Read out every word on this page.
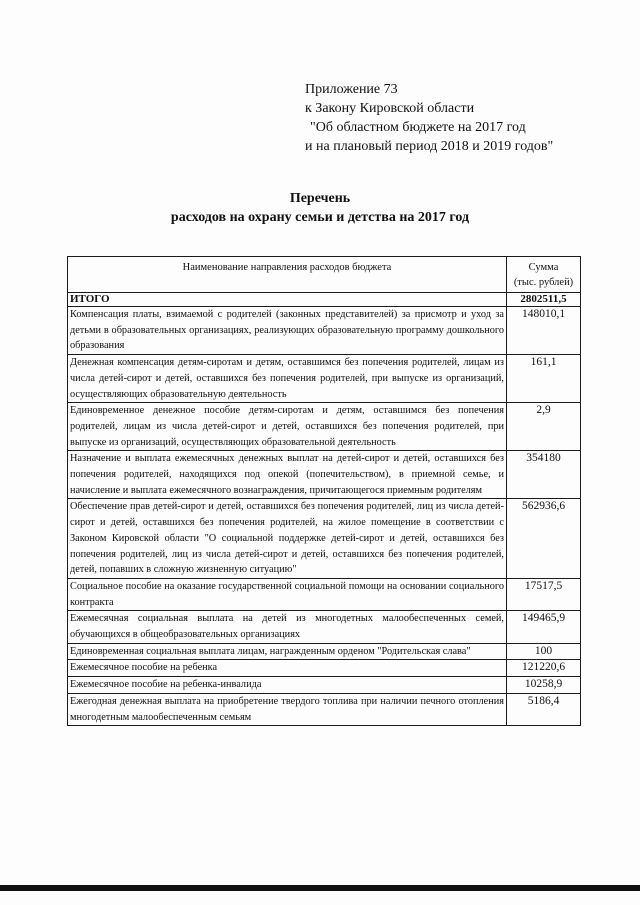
Приложение 73
к Закону Кировской области
"Об областном бюджете на 2017 год
и на плановый период 2018 и 2019 годов"
Перечень
расходов на охрану семьи и детства на 2017 год
Наименование направления расходов бюджета	Сумма
(тыс. рублей)

ИТОГО	2802511,5
Компенсация платы, взимаемой с родителей (законных представителей) за присмотр и уход за детьми в образовательных организациях, реализующих образовательную программу дошкольного образования	148010,1
Денежная компенсация детям-сиротам и детям, оставшимся без попечения родителей, лицам из числа детей-сирот и детей, оставшихся без попечения родителей, при выпуске из организаций, осуществляющих образовательную деятельность	161,1
Единовременное денежное пособие детям-сиротам и детям, оставшимся без попечения родителей, лицам из числа детей-сирот и детей, оставшихся без попечения родителей, при выпуске из организаций, осуществляющих образовательной деятельность	2,9
Назначение и выплата ежемесячных денежных выплат на детей-сирот и детей, оставшихся без попечения родителей, находящихся под опекой (попечительством), в приемной семье, и начисление и выплата ежемесячного вознаграждения, причитающегося приемным родителям	354180
Обеспечение прав детей-сирот и детей, оставшихся без попечения родителей, лиц из числа детей-сирот и детей, оставшихся без попечения родителей, на жилое помещение в соответствии с Законом Кировской области "О социальной поддержке детей-сирот и детей, оставшихся без попечения родителей, лиц из числа детей-сирот и детей, оставшихся без попечения родителей, детей, попавших в сложную жизненную ситуацию"	562936,6
Социальное пособие на оказание государственной социальной помощи на основании социального контракта	17517,5
Ежемесячная социальная выплата на детей из многодетных малообеспеченных семей, обучающихся в общеобразовательных организациях	149465,9
Единовременная социальная выплата лицам, награжденным орденом "Родительская слава"	100
Ежемесячное пособие на ребенка	121220,6
Ежемесячное пособие на ребенка-инвалида	10258,9
Ежегодная денежная выплата на приобретение твердого топлива при наличии печного отопления многодетным малообеспеченным семьям	5186,4
